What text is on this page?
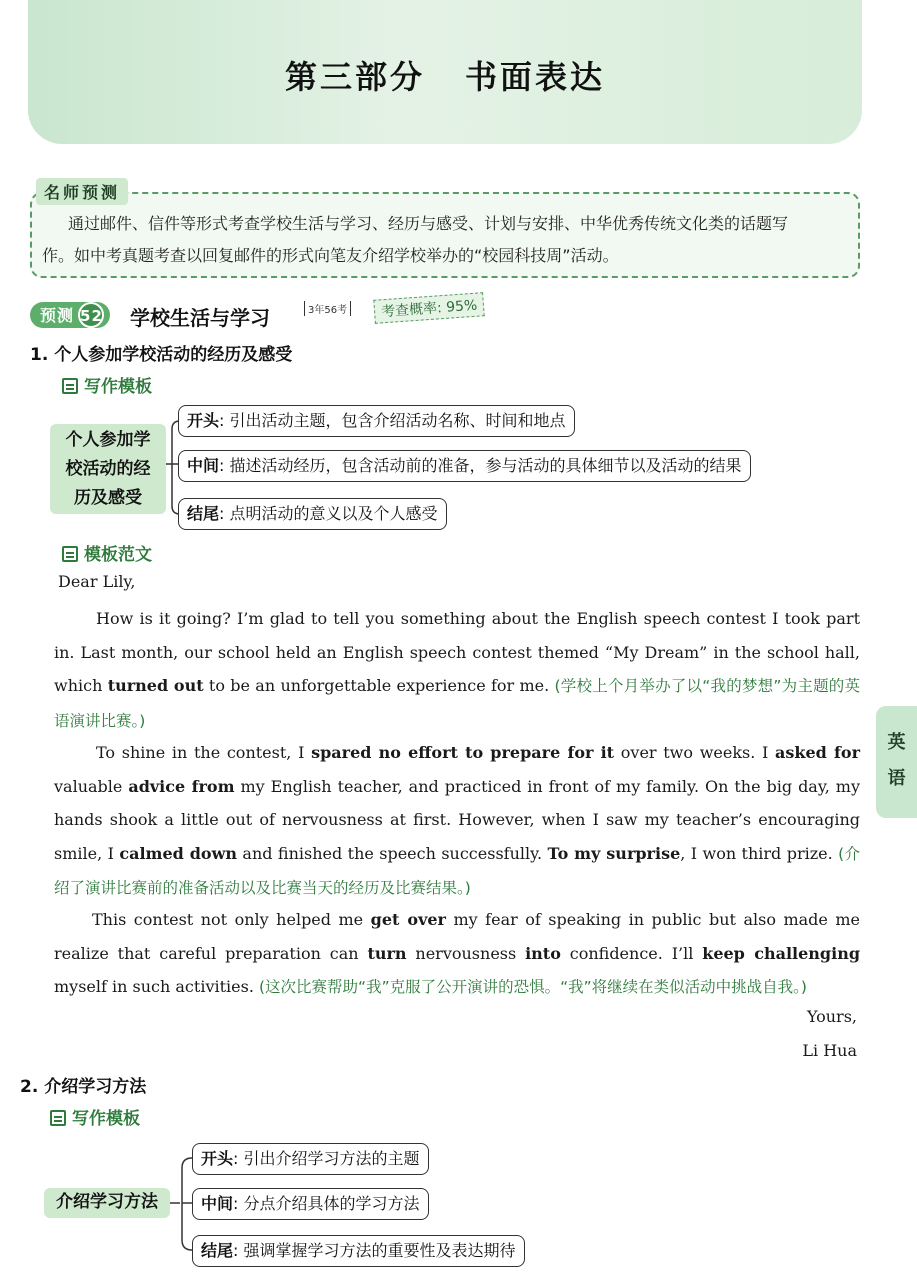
第三部分 书面表达
名师预测
通过邮件、信件等形式考查学校生活与学习、经历与感受、计划与安排、中华优秀传统文化类的话题写
作。如中考真题考查以回复邮件的形式向笔友介绍学校举办的“校园科技周”活动。
预测 52	学校生活与学习	3年56考	考查概率: 95%
1. 个人参加学校活动的经历及感受
写作模板
个人参加学
校活动的经
历及感受
开头: 引出活动主题，包含介绍活动名称、时间和地点
中间: 描述活动经历，包含活动前的准备，参与活动的具体细节以及活动的结果
结尾: 点明活动的意义以及个人感受
模板范文
Dear Lily,
How is it going? I’m glad to tell you something about the English speech contest I took part in. Last month, our school held an English speech contest themed “My Dream” in the school hall, which turned out to be an unforgettable experience for me. (学校上个月举办了以“我的梦想”为主题的英语演讲比赛。)
To shine in the contest, I spared no effort to prepare for it over two weeks. I asked for valuable advice from my English teacher, and practiced in front of my family. On the big day, my hands shook a little out of nervousness at first. However, when I saw my teacher’s encouraging smile, I calmed down and finished the speech successfully. To my surprise, I won third prize. (介绍了演讲比赛前的准备活动以及比赛当天的经历及比赛结果。)
This contest not only helped me get over my fear of speaking in public but also made me realize that careful preparation can turn nervousness into confidence. I’ll keep challenging myself in such activities. (这次比赛帮助“我”克服了公开演讲的恐惧。“我”将继续在类似活动中挑战自我。)
Yours,
Li Hua
2. 介绍学习方法
写作模板
介绍学习方法
开头: 引出介绍学习方法的主题
中间: 分点介绍具体的学习方法
结尾: 强调掌握学习方法的重要性及表达期待
英
语
